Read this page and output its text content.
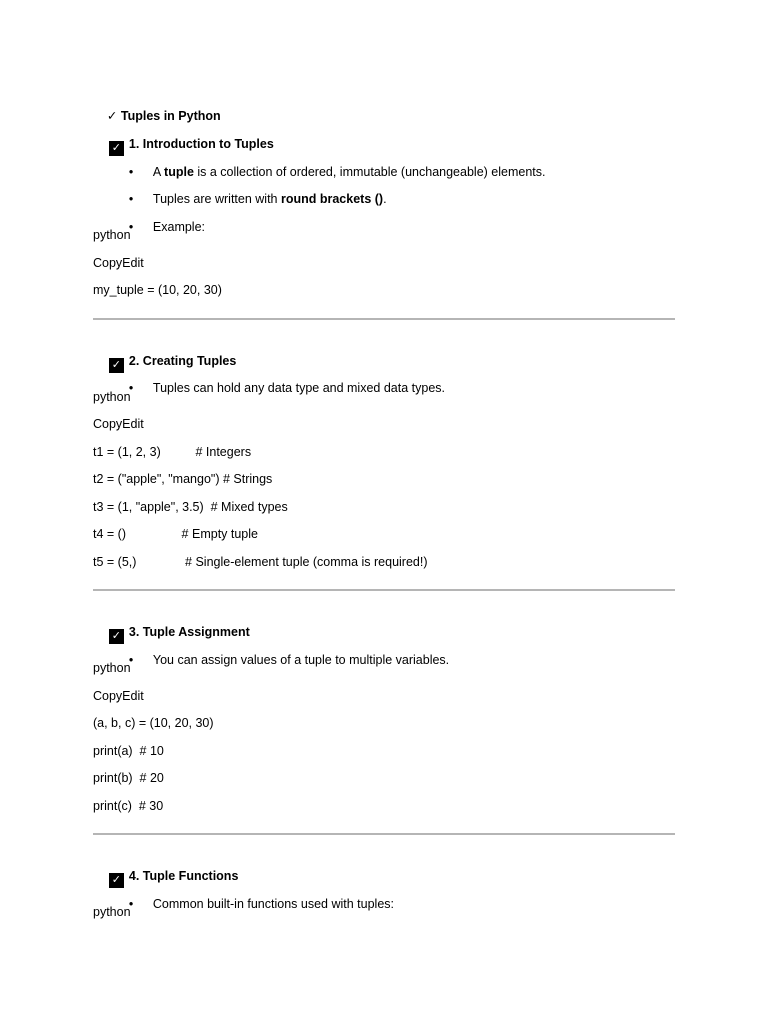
✓ Tuples in Python

✓ 1. Introduction to Tuples

• A tuple is a collection of ordered, immutable (unchangeable) elements.

• Tuples are written with round brackets ().

• Example:

python
CopyEdit
my_tuple = (10, 20, 30)

✓ 2. Creating Tuples

• Tuples can hold any data type and mixed data types.

python
CopyEdit
t1 = (1, 2, 3)          # Integers
t2 = ("apple", "mango") # Strings
t3 = (1, "apple", 3.5)  # Mixed types
t4 = ()                # Empty tuple
t5 = (5,)              # Single-element tuple (comma is required!)

✓ 3. Tuple Assignment

• You can assign values of a tuple to multiple variables.

python
CopyEdit
(a, b, c) = (10, 20, 30)
print(a)  # 10
print(b)  # 20
print(c)  # 30

✓ 4. Tuple Functions

• Common built-in functions used with tuples:

python
